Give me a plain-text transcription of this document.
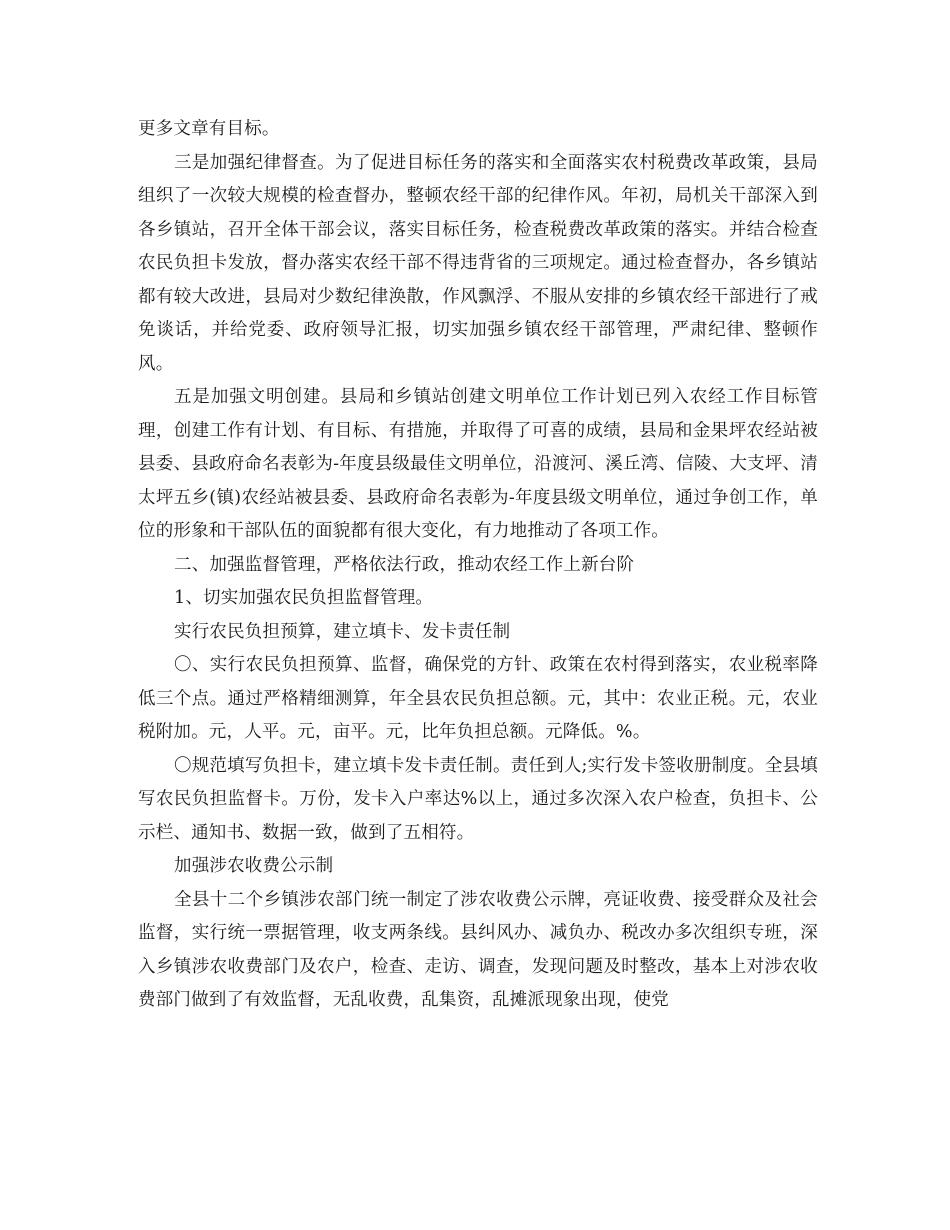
更多文章有目标。

三是加强纪律督查。为了促进目标任务的落实和全面落实农村税费改革政策，县局组织了一次较大规模的检查督办，整顿农经干部的纪律作风。年初，局机关干部深入到各乡镇站，召开全体干部会议，落实目标任务，检查税费改革政策的落实。并结合检查农民负担卡发放，督办落实农经干部不得违背省的三项规定。通过检查督办，各乡镇站都有较大改进，县局对少数纪律涣散，作风飘浮、不服从安排的乡镇农经干部进行了戒免谈话，并给党委、政府领导汇报，切实加强乡镇农经干部管理，严肃纪律、整顿作风。

五是加强文明创建。县局和乡镇站创建文明单位工作计划已列入农经工作目标管理，创建工作有计划、有目标、有措施，并取得了可喜的成绩，县局和金果坪农经站被县委、县政府命名表彰为-年度县级最佳文明单位，沿渡河、溪丘湾、信陵、大支坪、清太坪五乡(镇)农经站被县委、县政府命名表彰为-年度县级文明单位，通过争创工作，单位的形象和干部队伍的面貌都有很大变化，有力地推动了各项工作。

二、加强监督管理，严格依法行政，推动农经工作上新台阶

1、切实加强农民负担监督管理。

实行农民负担预算，建立填卡、发卡责任制

〇、实行农民负担预算、监督，确保党的方针、政策在农村得到落实，农业税率降低三个点。通过严格精细测算，年全县农民负担总额。元，其中：农业正税。元，农业税附加。元，人平。元，亩平。元，比年负担总额。元降低。%。

〇规范填写负担卡，建立填卡发卡责任制。责任到人;实行发卡签收册制度。全县填写农民负担监督卡。万份，发卡入户率达%以上，通过多次深入农户检查，负担卡、公示栏、通知书、数据一致，做到了五相符。

加强涉农收费公示制

全县十二个乡镇涉农部门统一制定了涉农收费公示牌，亮证收费、接受群众及社会监督，实行统一票据管理，收支两条线。县纠风办、减负办、税改办多次组织专班，深入乡镇涉农收费部门及农户，检查、走访、调查，发现问题及时整改，基本上对涉农收费部门做到了有效监督，无乱收费，乱集资，乱摊派现象出现，使党
